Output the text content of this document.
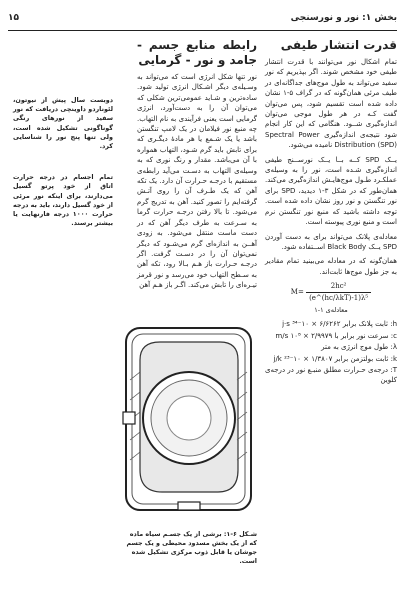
بخش ۱: نور و نورسنجی
۱۵
قدرت انتشار طیفی

تمام اشکال نور می‌توانند با قدرت انتشار طیفی خود مشخص شوند. اگر بپذیریم که نور سفید می‌تواند به طول موج‌های جداگانه‌ای در طیف مرئی همان‌گونه که در گراف ۵-۱ نشان داده شده است تقسیم شود، پس می‌توان گفت کـه در هر طول موجی می‌توان اندازه‌گیری شــود. هنگامی که این کار انجام شود نتیجه‌ی اندازه‌گیری Spectral Power Distribution (SPD) نامیده می‌شود.

یــک SPD کــه بــا یــک نورســنج طیفی اندازه‌گیری شـده است، نور را به وسیله‌ی عملکـرد طـول موج‌هایـش اندازه‌گیری می‌کند. همان‌طور که در شکل ۳-۱ دیدید، SPD برای نور تنگستن و نور روز نشان داده شده است. توجه داشته باشید که منبع نور تنگستن نرم است و منبع نوری پیوسته است.

معادله‌ی پلانک می‌تواند برای به دست آوردن SPD یــک Black Body اســتفاده شود.

همان‌گونه که در معادله می‌بینید تمام مقادیر به جز طول موج‌ها ثابت‌اند.

$M= \frac{\text{2hc²}}{\text{(e\textasciicircum{}(hc/λkT)-1)λ⁵}}$
معادله‌ی ۱-۱
h: ثابت پلانک برابر ۶/۶۲۶۲ × ۱۰⁻³⁴ j·s
c: سرعت نور برابر با ۲/۹۹۷۹ × ۱۰⁸ m/s
λ: طول موج انرژی به متر
k: ثابت بولتزمن برابر ۱/۳۸۰۷ × ۱۰⁻²³ j/k
T: درجه‌ی حـرارت مطلق منبـع نور در درجه‌ی کلوین
رابطه منابع جسم - جامد و نور - گرمایی

نور تنها شکل انرژی است که می‌تواند به وسـیله‌ی دیگر اشـکال انرژی تولید شود. ساده‌ترین و شـاید عمومی‌ترین شکلی که می‌توان آن را به دست‌آورد، انرژی گرمایی است یعنی فرآیندی به نام التهاب. چه منبع نور فیلامان در یک لامپ تنگستن باشد یا یک شـمع یا هر مادهٔ دیگـری که برای تابش باید گرم شـود، التهاب همواره با آن می‌باشد. مقدار و رنگ نوری که به وسیله‌ی التهاب به دسـت می‌آید رابطه‌ی مستقیم با درجـه حـرارت آن دارد. یک تکه آهن که یک طـرف آن را روی آتـش گرفته‌ایم را تصور کنید. آهن به تدریج گرم می‌شود. تا بالا رفتن درجـه حرارت گرما به سـرعت به طرف دیگر آهن که در دست ماست منتقل می‌شود. به زودی آهــن به اندازه‌ای گرم می‌شـود که دیگر نمی‌توان آن را در دسـت گرفت. اگر درجـه حـرارت باز هـم بـالا رود، تکه آهن به سـطح التهاب خود می‌رسد و نور قرمز تیـره‌ای را تابش می‌کند. اگـر باز هـم آهن

شـکل ۶-۱: برشی از یک جسـم سیاه ماده که از یک بخش مسدود محیطی و یک جسم جوشان یا قابل ذوب مرکزی تشکیل شده است.

دوبست سال پیش از نیوتون، لئوناردو داوینچی دریافت که نور سفید از نورهای رنگی گوناگونی تشکیل شده است، ولی تنها پنج نور را شناسایی کرد.

تمام اجسام در درجه حرارت اتاق از خود پرتو گسیل می‌دارند، برای اینکه نور مرئی از خود گسیل دارند، باید به درجه حرارت ۱۰۰۰ درجه فارنهایت یا بیشتر برسند.
